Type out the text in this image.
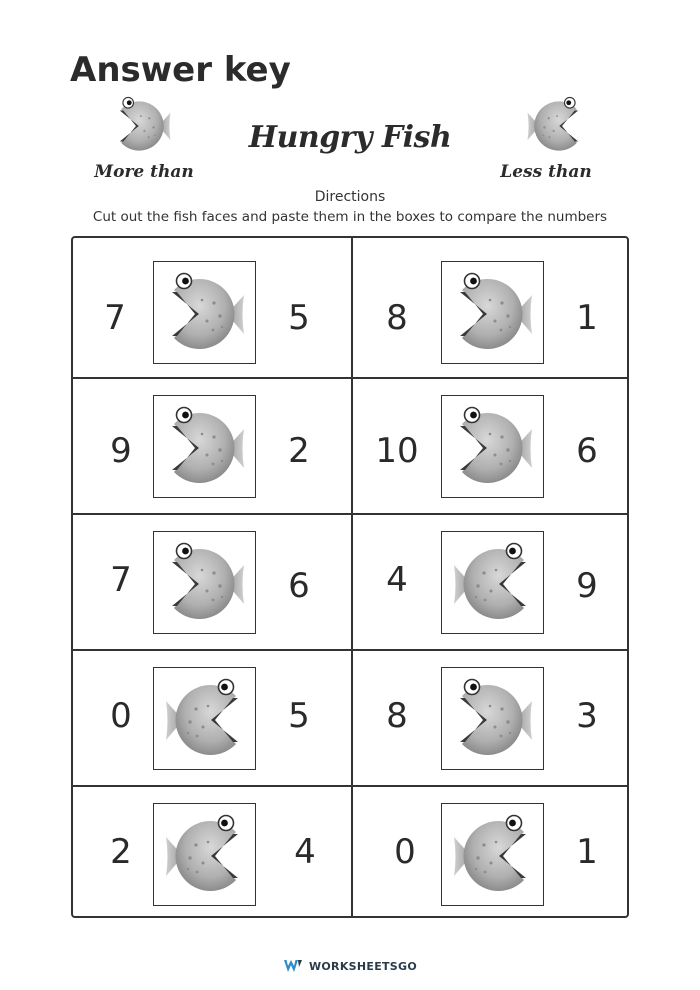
Answer key
More than
Hungry Fish
Less than
Directions
Cut out the fish faces and paste them in the boxes to compare the numbers
7	5	8	1
9	2	10	6
7	6	4	9
0	5	8	3
2	4	0	1
WORKSHEETSGO
